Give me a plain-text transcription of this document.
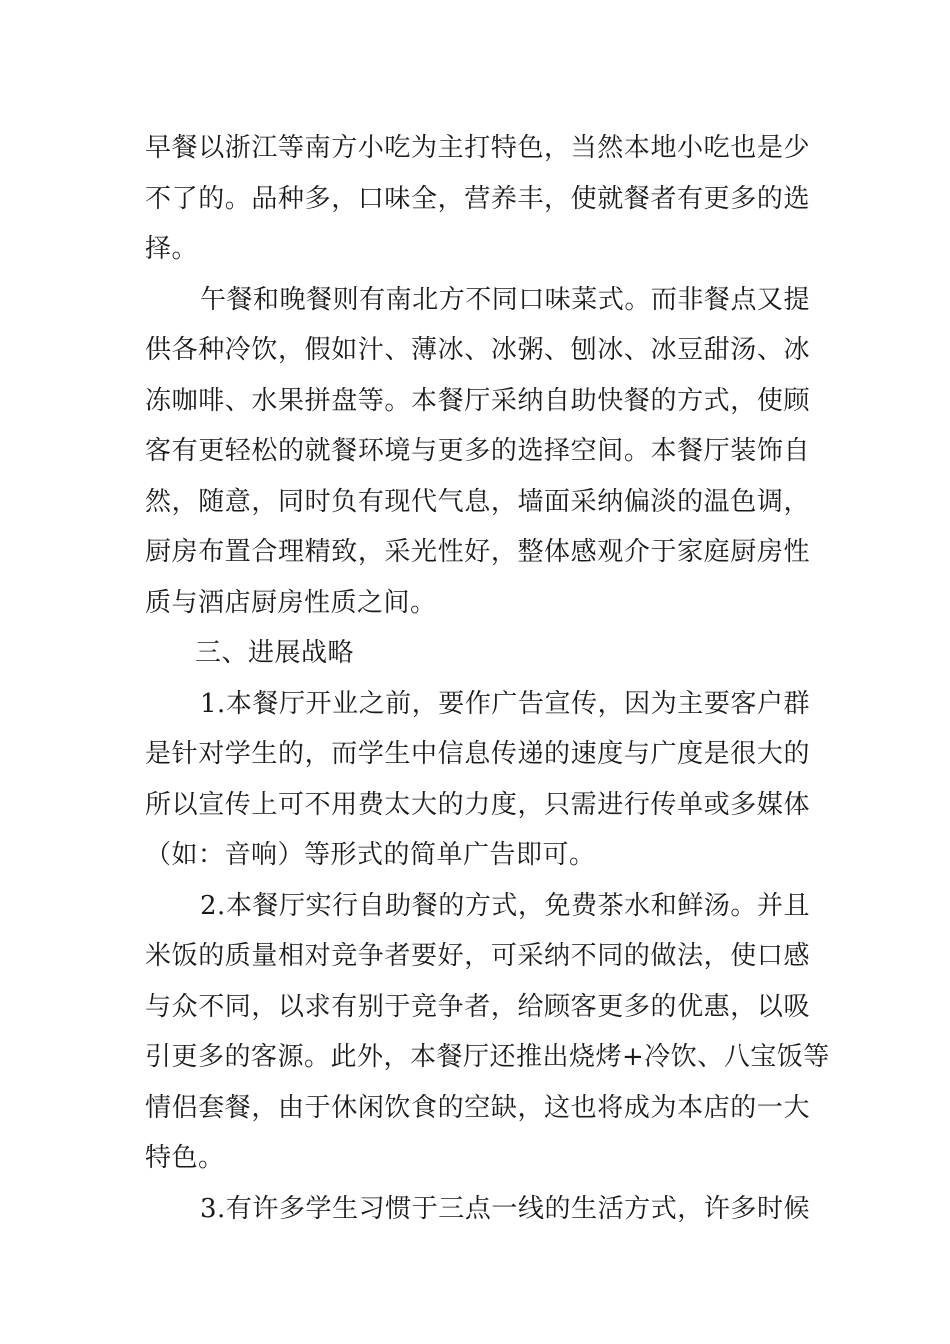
早餐以浙江等南方小吃为主打特色，当然本地小吃也是少
不了的。品种多，口味全，营养丰，使就餐者有更多的选
择。
午餐和晚餐则有南北方不同口味菜式。而非餐点又提
供各种冷饮，假如汁、薄冰、冰粥、刨冰、冰豆甜汤、冰
冻咖啡、水果拼盘等。本餐厅采纳自助快餐的方式，使顾
客有更轻松的就餐环境与更多的选择空间。本餐厅装饰自
然，随意，同时负有现代气息，墙面采纳偏淡的温色调，
厨房布置合理精致，采光性好，整体感观介于家庭厨房性
质与酒店厨房性质之间。
三、进展战略
1.本餐厅开业之前，要作广告宣传，因为主要客户群
是针对学生的，而学生中信息传递的速度与广度是很大的
所以宣传上可不用费太大的力度，只需进行传单或多媒体
（如：音响）等形式的简单广告即可。
2.本餐厅实行自助餐的方式，免费茶水和鲜汤。并且
米饭的质量相对竞争者要好，可采纳不同的做法，使口感
与众不同，以求有别于竞争者，给顾客更多的优惠，以吸
引更多的客源。此外，本餐厅还推出烧烤+冷饮、八宝饭等
情侣套餐，由于休闲饮食的空缺，这也将成为本店的一大
特色。
3.有许多学生习惯于三点一线的生活方式，许多时候
